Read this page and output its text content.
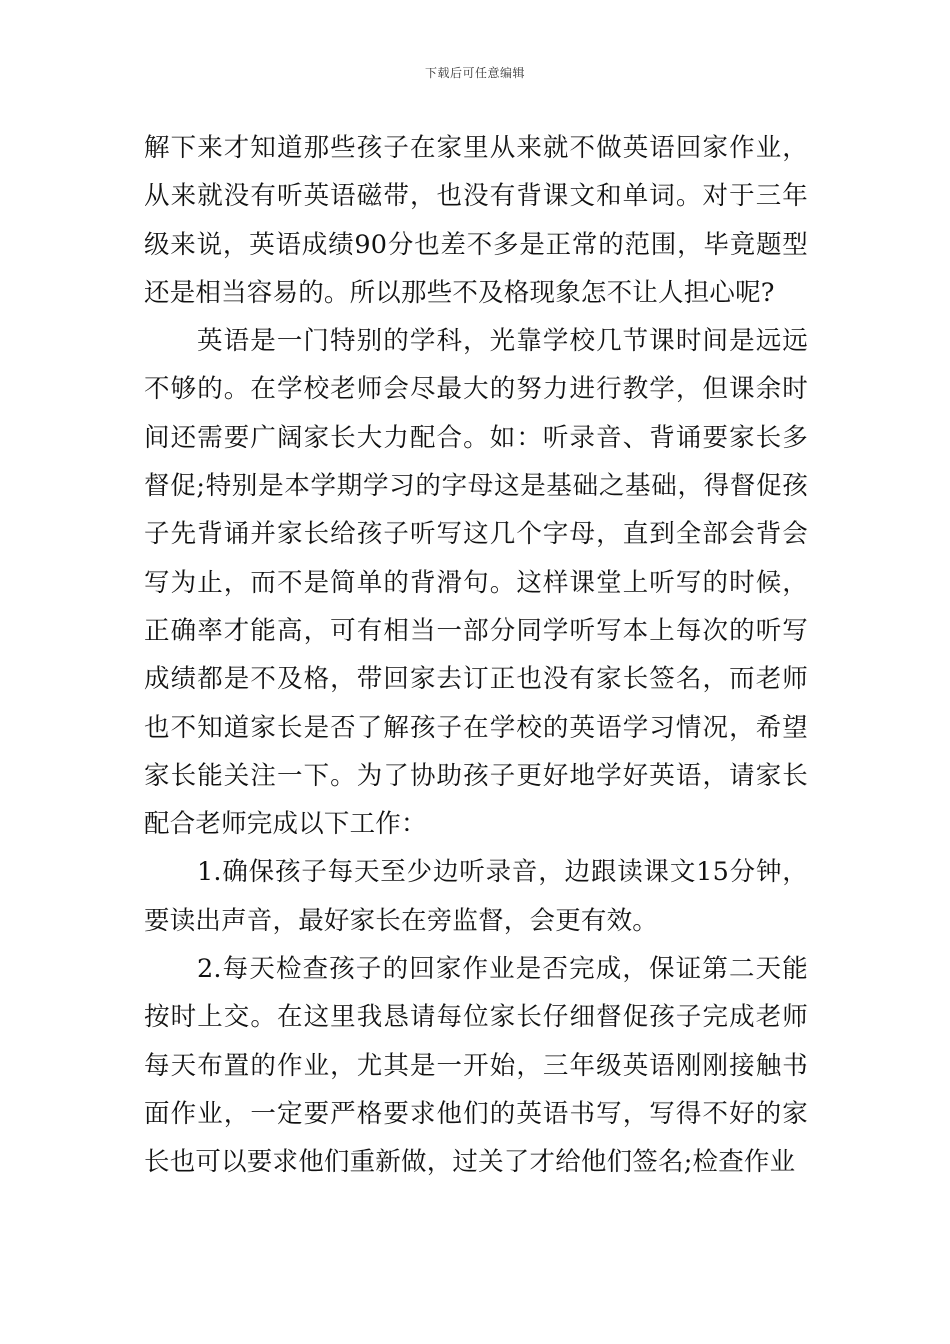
下载后可任意编辑

解下来才知道那些孩子在家里从来就不做英语回家作业，从来就没有听英语磁带，也没有背课文和单词。对于三年级来说，英语成绩90分也差不多是正常的范围，毕竟题型还是相当容易的。所以那些不及格现象怎不让人担心呢?

英语是一门特别的学科，光靠学校几节课时间是远远不够的。在学校老师会尽最大的努力进行教学，但课余时间还需要广阔家长大力配合。如：听录音、背诵要家长多督促;特别是本学期学习的字母这是基础之基础，得督促孩子先背诵并家长给孩子听写这几个字母，直到全部会背会写为止，而不是简单的背滑句。这样课堂上听写的时候，正确率才能高，可有相当一部分同学听写本上每次的听写成绩都是不及格，带回家去订正也没有家长签名，而老师也不知道家长是否了解孩子在学校的英语学习情况，希望家长能关注一下。为了协助孩子更好地学好英语，请家长配合老师完成以下工作：

1.确保孩子每天至少边听录音，边跟读课文15分钟，要读出声音，最好家长在旁监督，会更有效。

2.每天检查孩子的回家作业是否完成，保证第二天能按时上交。在这里我恳请每位家长仔细督促孩子完成老师每天布置的作业，尤其是一开始，三年级英语刚刚接触书面作业，一定要严格要求他们的英语书写，写得不好的家长也可以要求他们重新做，过关了才给他们签名;检查作业
